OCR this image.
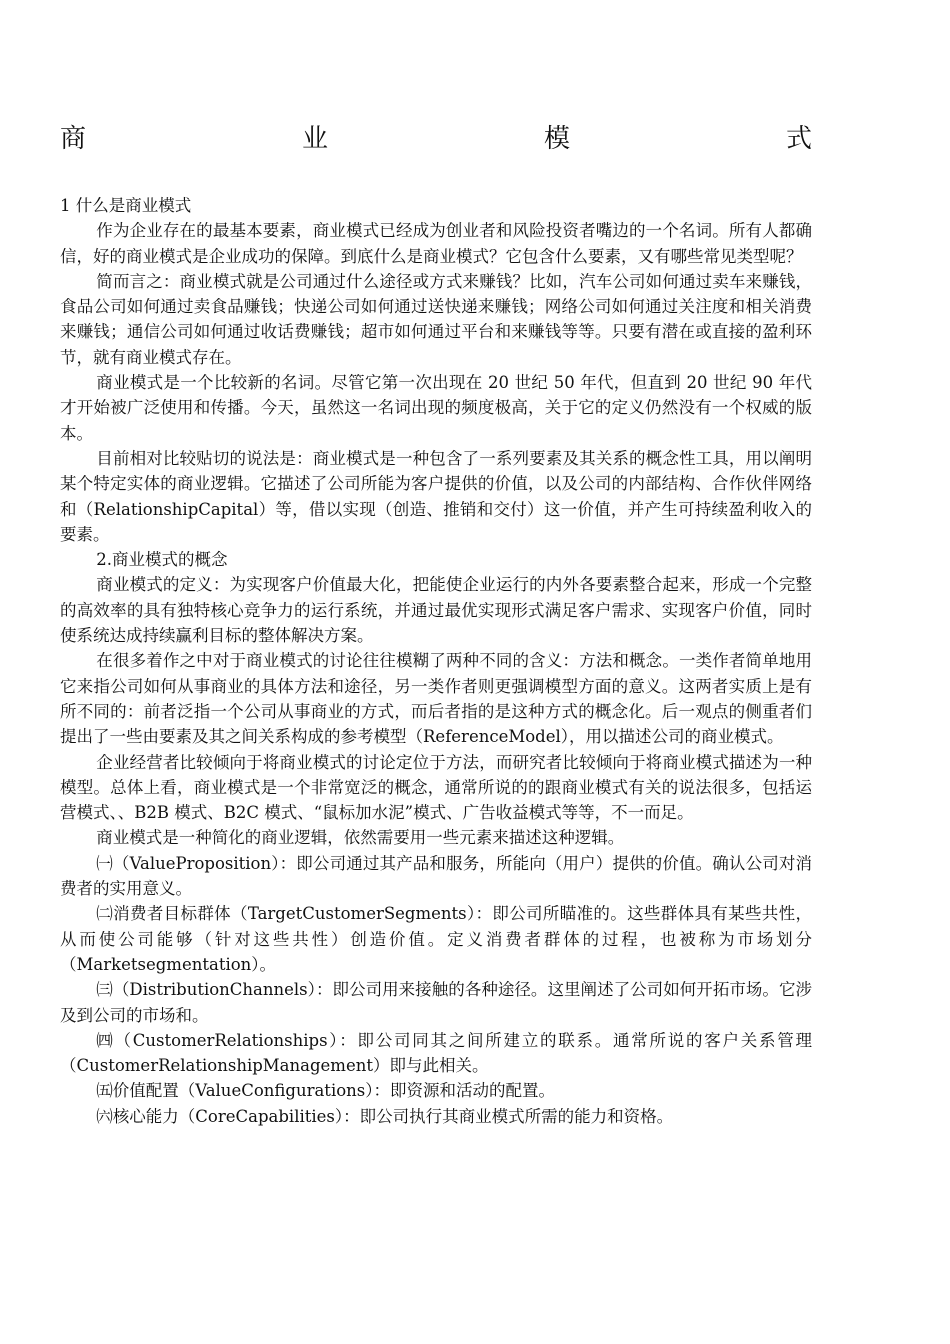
商	业	模	式

1 什么是商业模式

作为企业存在的最基本要素，商业模式已经成为创业者和风险投资者嘴边的一个名词。所有人都确信，好的商业模式是企业成功的保障。到底什么是商业模式？它包含什么要素，又有哪些常见类型呢？

简而言之：商业模式就是公司通过什么途径或方式来赚钱？比如，汽车公司如何通过卖车来赚钱，食品公司如何通过卖食品赚钱；快递公司如何通过送快递来赚钱；网络公司如何通过关注度和相关消费来赚钱；通信公司如何通过收话费赚钱；超市如何通过平台和来赚钱等等。只要有潜在或直接的盈利环节，就有商业模式存在。

商业模式是一个比较新的名词。尽管它第一次出现在 20 世纪 50 年代，但直到 20 世纪 90 年代才开始被广泛使用和传播。今天，虽然这一名词出现的频度极高，关于它的定义仍然没有一个权威的版本。

目前相对比较贴切的说法是：商业模式是一种包含了一系列要素及其关系的概念性工具，用以阐明某个特定实体的商业逻辑。它描述了公司所能为客户提供的价值，以及公司的内部结构、合作伙伴网络和（RelationshipCapital）等，借以实现（创造、推销和交付）这一价值，并产生可持续盈利收入的要素。

2.商业模式的概念

商业模式的定义：为实现客户价值最大化，把能使企业运行的内外各要素整合起来，形成一个完整的高效率的具有独特核心竞争力的运行系统，并通过最优实现形式满足客户需求、实现客户价值，同时使系统达成持续赢利目标的整体解决方案。

在很多着作之中对于商业模式的讨论往往模糊了两种不同的含义：方法和概念。一类作者简单地用它来指公司如何从事商业的具体方法和途径，另一类作者则更强调模型方面的意义。这两者实质上是有所不同的：前者泛指一个公司从事商业的方式，而后者指的是这种方式的概念化。后一观点的侧重者们提出了一些由要素及其之间关系构成的参考模型（ReferenceModel），用以描述公司的商业模式。

企业经营者比较倾向于将商业模式的讨论定位于方法，而研究者比较倾向于将商业模式描述为一种模型。总体上看，商业模式是一个非常宽泛的概念，通常所说的的跟商业模式有关的说法很多，包括运营模式、、B2B 模式、B2C 模式、“鼠标加水泥”模式、广告收益模式等等，不一而足。

商业模式是一种简化的商业逻辑，依然需要用一些元素来描述这种逻辑。

㈠（ValueProposition）：即公司通过其产品和服务，所能向（用户）提供的价值。确认公司对消费者的实用意义。

㈡消费者目标群体（TargetCustomerSegments）：即公司所瞄准的。这些群体具有某些共性，从而使公司能够（针对这些共性）创造价值。定义消费者群体的过程，也被称为市场划分（Marketsegmentation）。

㈢（DistributionChannels）：即公司用来接触的各种途径。这里阐述了公司如何开拓市场。它涉及到公司的市场和。

㈣（CustomerRelationships）：即公司同其之间所建立的联系。通常所说的客户关系管理（CustomerRelationshipManagement）即与此相关。

㈤价值配置（ValueConfigurations）：即资源和活动的配置。

㈥核心能力（CoreCapabilities）：即公司执行其商业模式所需的能力和资格。
